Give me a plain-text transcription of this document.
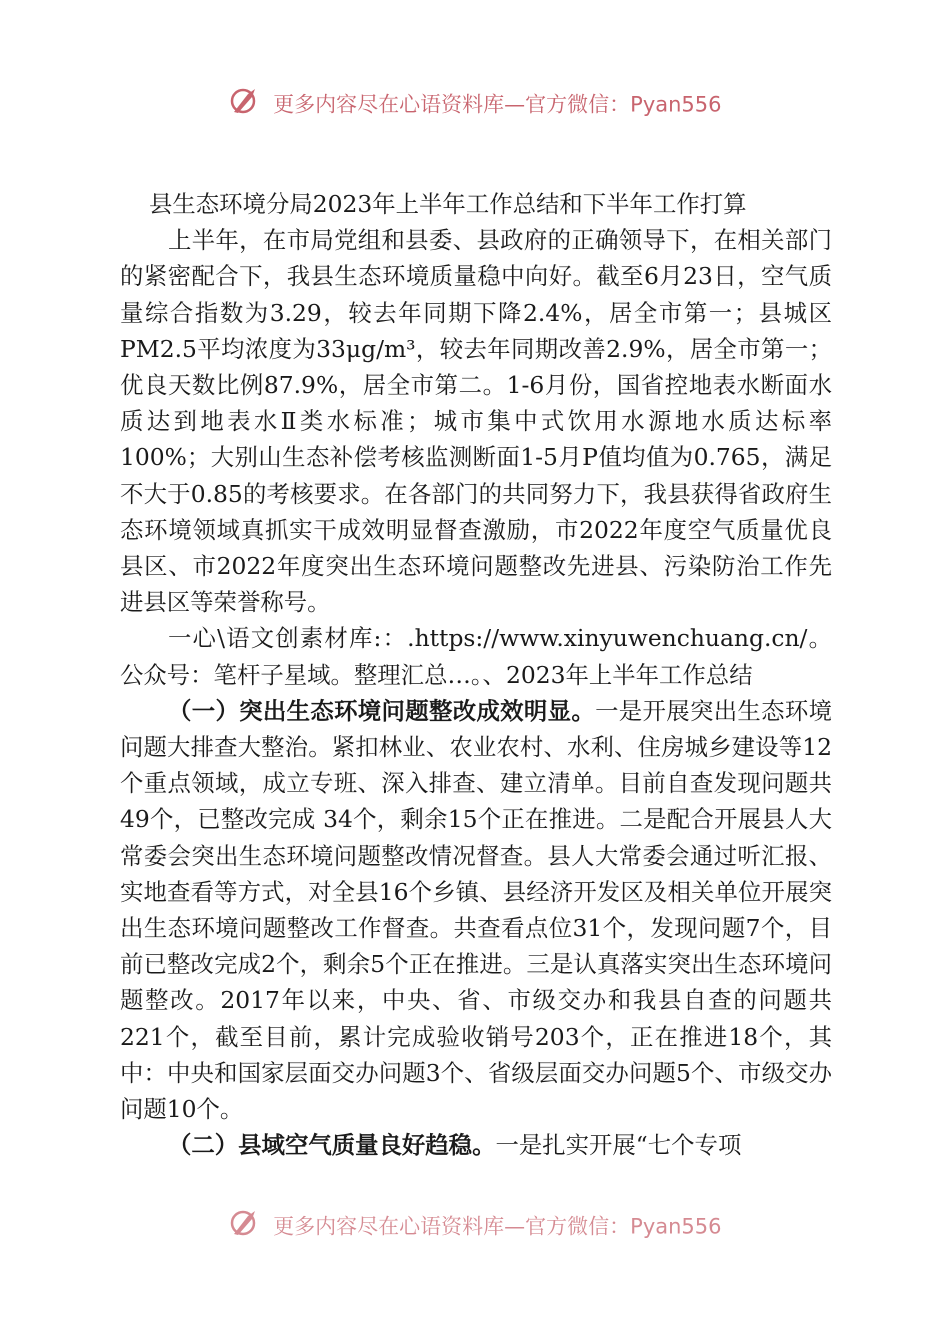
更多内容尽在心语资料库—官方微信：Pyan556

县生态环境分局2023年上半年工作总结和下半年工作打算

上半年，在市局党组和县委、县政府的正确领导下，在相关部门的紧密配合下，我县生态环境质量稳中向好。截至6月23日，空气质量综合指数为3.29，较去年同期下降2.4%，居全市第一；县城区PM2.5平均浓度为33μg/m³，较去年同期改善2.9%，居全市第一；优良天数比例87.9%，居全市第二。1-6月份，国省控地表水断面水质达到地表水Ⅱ类水标准；城市集中式饮用水源地水质达标率100%；大别山生态补偿考核监测断面1-5月P值均值为0.765，满足不大于0.85的考核要求。在各部门的共同努力下，我县获得省政府生态环境领域真抓实干成效明显督查激励，市2022年度空气质量优良县区、市2022年度突出生态环境问题整改先进县、污染防治工作先进县区等荣誉称号。

一心\语文创素材库:：.https://www.xinyuwenchuang.cn/。公众号：笔杆子星域。整理汇总…。、2023年上半年工作总结

（一）突出生态环境问题整改成效明显。一是开展突出生态环境问题大排查大整治。紧扣林业、农业农村、水利、住房城乡建设等12个重点领域，成立专班、深入排查、建立清单。目前自查发现问题共49个，已整改完成 34个，剩余15个正在推进。二是配合开展县人大常委会突出生态环境问题整改情况督查。县人大常委会通过听汇报、实地查看等方式，对全县16个乡镇、县经济开发区及相关单位开展突出生态环境问题整改工作督查。共查看点位31个，发现问题7个，目前已整改完成2个，剩余5个正在推进。三是认真落实突出生态环境问题整改。2017年以来，中央、省、市级交办和我县自查的问题共221个，截至目前，累计完成验收销号203个，正在推进18个，其中：中央和国家层面交办问题3个、省级层面交办问题5个、市级交办问题10个。

（二）县域空气质量良好趋稳。一是扎实开展“七个专项

更多内容尽在心语资料库—官方微信：Pyan556
